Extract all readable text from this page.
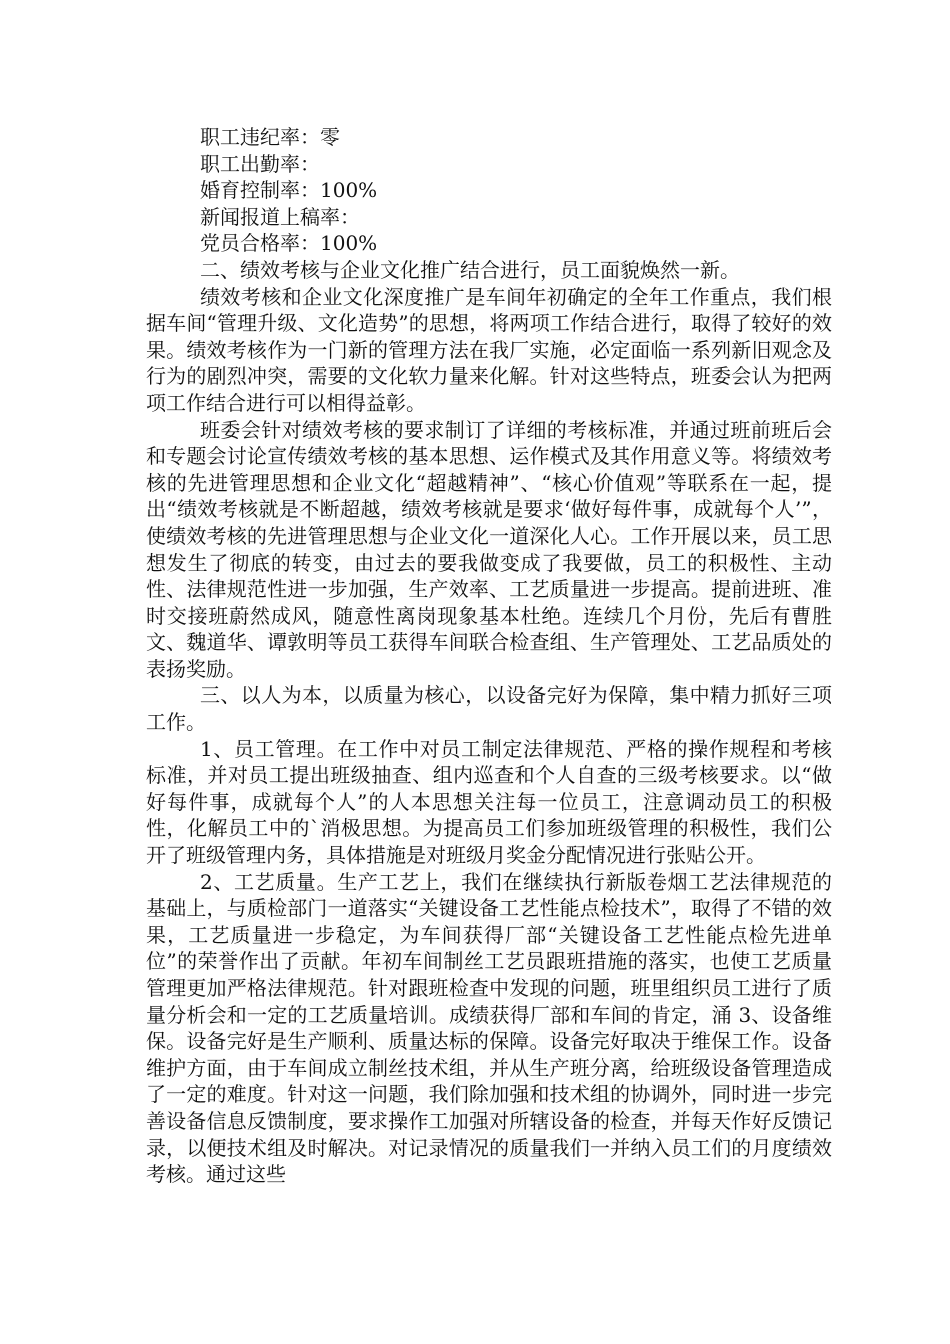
职工违纪率：零

职工出勤率：

婚育控制率：100%

新闻报道上稿率：

党员合格率：100%

二、绩效考核与企业文化推广结合进行，员工面貌焕然一新。

绩效考核和企业文化深度推广是车间年初确定的全年工作重点，我们根据车间“管理升级、文化造势”的思想，将两项工作结合进行，取得了较好的效果。绩效考核作为一门新的管理方法在我厂实施，必定面临一系列新旧观念及行为的剧烈冲突，需要的文化软力量来化解。针对这些特点，班委会认为把两项工作结合进行可以相得益彰。

班委会针对绩效考核的要求制订了详细的考核标准，并通过班前班后会和专题会讨论宣传绩效考核的基本思想、运作模式及其作用意义等。将绩效考核的先进管理思想和企业文化“超越精神”、“核心价值观”等联系在一起，提出“绩效考核就是不断超越，绩效考核就是要求‘做好每件事，成就每个人’”，使绩效考核的先进管理思想与企业文化一道深化人心。工作开展以来，员工思想发生了彻底的转变，由过去的要我做变成了我要做，员工的积极性、主动性、法律规范性进一步加强，生产效率、工艺质量进一步提高。提前进班、准时交接班蔚然成风，随意性离岗现象基本杜绝。连续几个月份，先后有曹胜文、魏道华、谭敦明等员工获得车间联合检查组、生产管理处、工艺品质处的表扬奖励。

三、以人为本，以质量为核心，以设备完好为保障，集中精力抓好三项工作。

1、员工管理。在工作中对员工制定法律规范、严格的操作规程和考核标准，并对员工提出班级抽查、组内巡查和个人自查的三级考核要求。以“做好每件事，成就每个人”的人本思想关注每一位员工，注意调动员工的积极性，化解员工中的`消极思想。为提高员工们参加班级管理的积极性，我们公开了班级管理内务，具体措施是对班级月奖金分配情况进行张贴公开。

2、工艺质量。生产工艺上，我们在继续执行新版卷烟工艺法律规范的基础上，与质检部门一道落实“关键设备工艺性能点检技术”，取得了不错的效果，工艺质量进一步稳定，为车间获得厂部“关键设备工艺性能点检先进单位”的荣誉作出了贡献。年初车间制丝工艺员跟班措施的落实，也使工艺质量管理更加严格法律规范。针对跟班检查中发现的问题，班里组织员工进行了质量分析会和一定的工艺质量培训。成绩获得厂部和车间的肯定，涌 3、设备维保。设备完好是生产顺利、质量达标的保障。设备完好取决于维保工作。设备维护方面，由于车间成立制丝技术组，并从生产班分离，给班级设备管理造成了一定的难度。针对这一问题，我们除加强和技术组的协调外，同时进一步完善设备信息反馈制度，要求操作工加强对所辖设备的检查，并每天作好反馈记录，以便技术组及时解决。对记录情况的质量我们一并纳入员工们的月度绩效考核。通过这些
